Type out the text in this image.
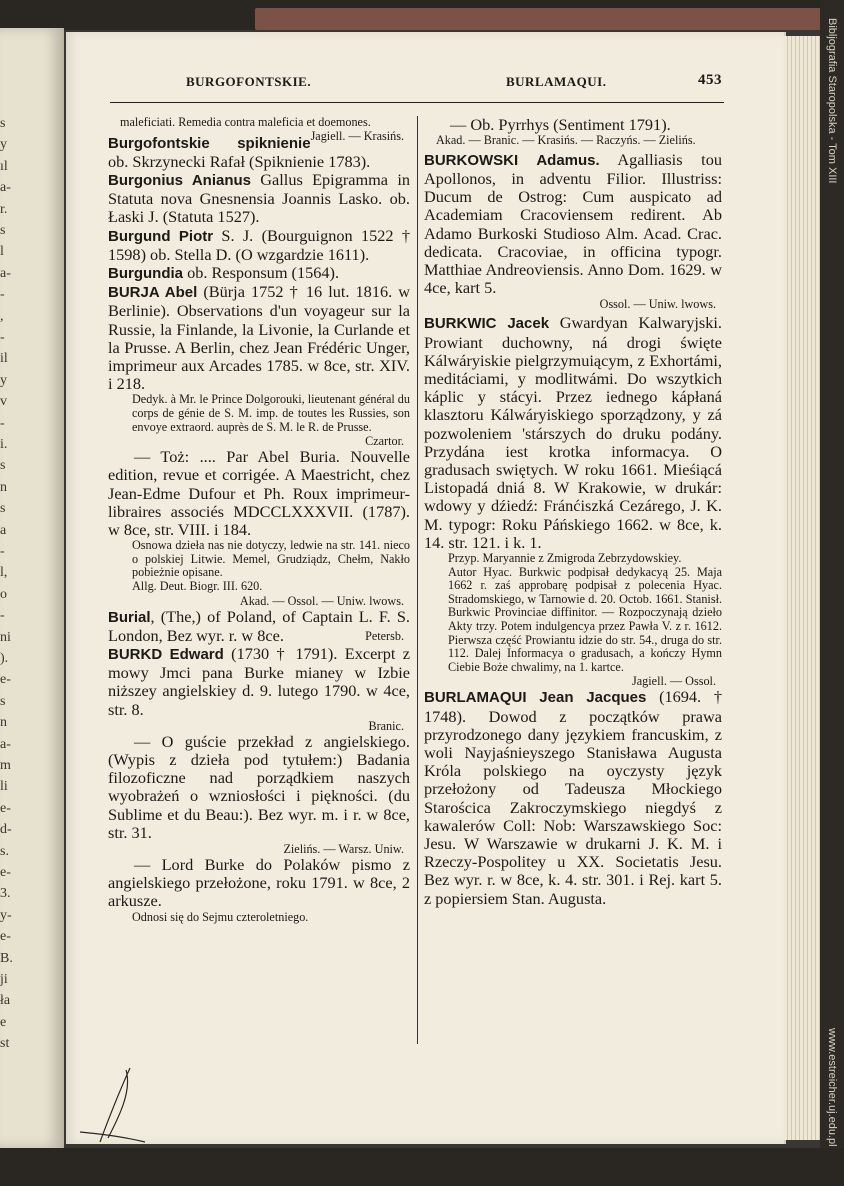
s
y
ıl
a-
r.
s
l
a-
-
,
-
il
y
v
-
i.
s
n
s
a
-
l,
o
-
ni
).
e-
s
n
a-
m
li
e-
d-
s.
e-
3.
y-
e-
B.
ji
ła
e
st
Bibljografia Staropolska - Tom XIII
www.estreicher.uj.edu.pl
BURGOFONTSKIE.	BURLAMAQUI.	453

maleficiati. Remedia contra maleficia et doemones.
Jagiell. — Krasińs.

Burgofontskie spiknienie ob. Skrzynecki Rafał (Spiknienie 1783).

Burgonius Anianus Gallus Epigramma in Statuta nova Gnesnensia Joannis Lasko. ob. Łaski J. (Statuta 1527).

Burgund Piotr S. J. (Bourguignon 1522 † 1598) ob. Stella D. (O wzgardzie 1611).

Burgundia ob. Responsum (1564).

BURJA Abel (Bürja 1752 † 16 lut. 1816. w Berlinie). Observations d'un voyageur sur la Russie, la Finlande, la Livonie, la Curlande et la Prusse. A Berlin, chez Jean Frédéric Unger, imprimeur aux Arcades 1785. w 8ce, str. XIV. i 218.

Dedyk. à Mr. le Prince Dolgorouki, lieutenant général du corps de génie de S. M. imp. de toutes les Russies, son envoye extraord. auprès de S. M. le R. de Prusse.

Czartor.

— Toż: .... Par Abel Buria. Nouvelle edition, revue et corrigée. A Maestricht, chez Jean-Edme Dufour et Ph. Roux imprimeur-libraires associés MDCCLXXXVII. (1787). w 8ce, str. VIII. i 184.

Osnowa dzieła nas nie dotyczy, ledwie na str. 141. nieco o polskiej Litwie. Memel, Grudziądz, Chełm, Nakło pobieżnie opisane.

Allg. Deut. Biogr. III. 620.

Akad. — Ossol. — Uniw. lwows.

Burial, (The,) of Poland, of Captain L. F. S. London, Bez wyr. r. w 8ce.	Petersb.

BURKD Edward (1730 † 1791). Excerpt z mowy Jmci pana Burke mianey w Izbie niższey angielskiey d. 9. lutego 1790. w 4ce, str. 8.

Branic.

— O guście przekład z angielskiego. (Wypis z dzieła pod tytułem:) Badania filozoficzne nad porządkiem naszych wyobrażeń o wzniosłości i piękności. (du Sublime et du Beau:). Bez wyr. m. i r. w 8ce, str. 31.

Zielińs. — Warsz. Uniw.

— Lord Burke do Polaków pismo z angielskiego przełożone, roku 1791. w 8ce, 2 arkusze.

Odnosi się do Sejmu czteroletniego.

— Ob. Pyrrhys (Sentiment 1791).

Akad. — Branic. — Krasińs. — Raczyńs. — Zielińs.

BURKOWSKI Adamus. Agalliasis tou Apollonos, in adventu Filior. Illustriss: Ducum de Ostrog: Cum auspicato ad Academiam Cracoviensem redirent. Ab Adamo Burkoski Studioso Alm. Acad. Crac. dedicata. Cracoviae, in officina typogr. Matthiae Andreoviensis. Anno Dom. 1629. w 4ce, kart 5.

Ossol. — Uniw. lwows.

BURKWIC Jacek Gwardyan Kalwaryjski. Prowiant duchowny, ná drogi święte Kálwáryiskie pielgrzymuiącym, z Exhortámi, meditáciami, y modlitwámi. Do wszytkich káplic y stácyi. Przez iednego kápłaná klasztoru Kálwáryiskiego sporządzony, y zá pozwoleniem 'stárszych do druku podány. Przydána iest krotka informacya. O gradusach swiętych. W roku 1661. Mieśiącá Listopadá dniá 8. W Krakowie, w drukár: wdowy y dźiedź: Fránćiszká Cezárego, J. K. M. typogr: Roku Páńskiego 1662. w 8ce, k. 14. str. 121. i k. 1.

Przyp. Maryannie z Zmigroda Zebrzydowskiey.

Autor Hyac. Burkwic podpisał dedykacyą 25. Maja 1662 r. zaś approbarę podpisał z polecenia Hyac. Stradomskiego, w Tarnowie d. 20. Octob. 1661. Stanisł. Burkwic Provinciae diffinitor. — Rozpoczynają dzieło Akty trzy. Potem indulgencya przez Pawła V. z r. 1612. Pierwsza część Prowiantu idzie do str. 54., druga do str. 112. Dalej Informacya o gradusach, a kończy Hymn Ciebie Boże chwalimy, na 1. kartce.

Jagiell. — Ossol.

BURLAMAQUI Jean Jacques (1694. † 1748). Dowod z początków prawa przyrodzonego dany językiem francuskim, z woli Nayjaśnieyszego Stanisława Augusta Króla polskiego na oyczysty język przełożony od Tadeusza Młockiego Starościca Zakroczymskiego niegdyś z kawalerów Coll: Nob: Warszawskiego Soc: Jesu. W Warszawie w drukarni J. K. M. i Rzeczy-Pospolitey u XX. Societatis Jesu. Bez wyr. r. w 8ce, k. 4. str. 301. i Rej. kart 5. z popiersiem Stan. Augusta.
